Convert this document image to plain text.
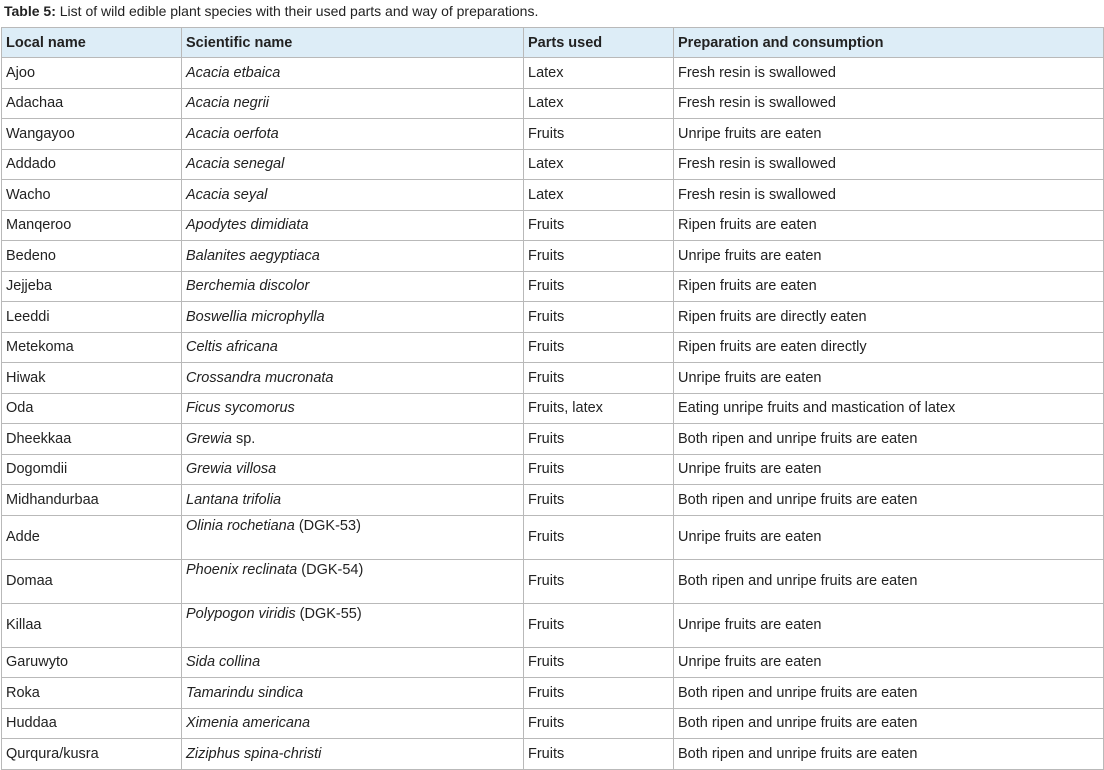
Table 5: List of wild edible plant species with their used parts and way of preparations.
Local name	Scientific name	Parts used	Preparation and consumption
Ajoo	Acacia etbaica	Latex	Fresh resin is swallowed
Adachaa	Acacia negrii	Latex	Fresh resin is swallowed
Wangayoo	Acacia oerfota	Fruits	Unripe fruits are eaten
Addado	Acacia senegal	Latex	Fresh resin is swallowed
Wacho	Acacia seyal	Latex	Fresh resin is swallowed
Manqeroo	Apodytes dimidiata	Fruits	Ripen fruits are eaten
Bedeno	Balanites aegyptiaca	Fruits	Unripe fruits are eaten
Jejjeba	Berchemia discolor	Fruits	Ripen fruits are eaten
Leeddi	Boswellia microphylla	Fruits	Ripen fruits are directly eaten
Metekoma	Celtis africana	Fruits	Ripen fruits are eaten directly
Hiwak	Crossandra mucronata	Fruits	Unripe fruits are eaten
Oda	Ficus sycomorus	Fruits, latex	Eating unripe fruits and mastication of latex
Dheekkaa	Grewia sp.	Fruits	Both ripen and unripe fruits are eaten
Dogomdii	Grewia villosa	Fruits	Unripe fruits are eaten
Midhandurbaa	Lantana trifolia	Fruits	Both ripen and unripe fruits are eaten
Adde	Olinia rochetiana (DGK-53)	Fruits	Unripe fruits are eaten
Domaa	Phoenix reclinata (DGK-54)	Fruits	Both ripen and unripe fruits are eaten
Killaa	Polypogon viridis (DGK-55)	Fruits	Unripe fruits are eaten
Garuwyto	Sida collina	Fruits	Unripe fruits are eaten
Roka	Tamarindu sindica	Fruits	Both ripen and unripe fruits are eaten
Huddaa	Ximenia americana	Fruits	Both ripen and unripe fruits are eaten
Qurqura/kusra	Ziziphus spina-christi	Fruits	Both ripen and unripe fruits are eaten
